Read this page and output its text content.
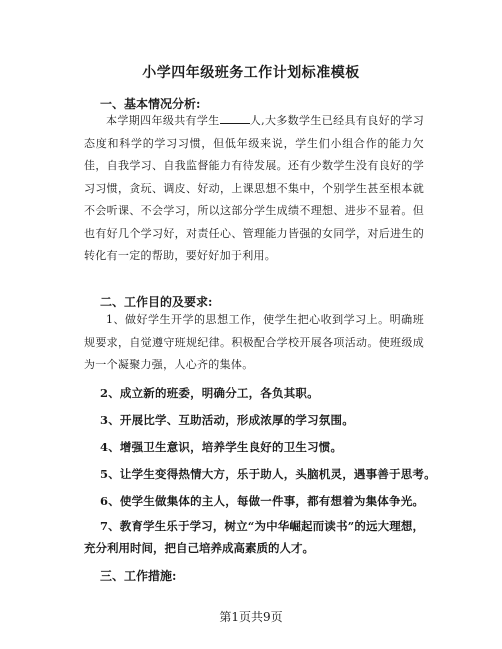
小学四年级班务工作计划标准模板
一、基本情况分析:
本学期四年级共有学生	人,大多数学生已经具有良好的学习态度和科学的学习习惯，但低年级来说，学生们小组合作的能力欠佳，自我学习、自我监督能力有待发展。还有少数学生没有良好的学习习惯，贪玩、调皮、好动，上课思想不集中，个别学生甚至根本就不会听课、不会学习，所以这部分学生成绩不理想、进步不显着。但也有好几个学习好，对责任心、管理能力皆强的女同学，对后进生的转化有一定的帮助，要好好加于利用。
二、工作目的及要求:
1、做好学生开学的思想工作，使学生把心收到学习上。明确班规要求，自觉遵守班规纪律。积极配合学校开展各项活动。使班级成为一个凝聚力强，人心齐的集体。
2、成立新的班委，明确分工，各负其职。
3、开展比学、互助活动，形成浓厚的学习氛围。
4、增强卫生意识，培养学生良好的卫生习惯。
5、让学生变得热情大方，乐于助人，头脑机灵，遇事善于思考。
6、使学生做集体的主人，每做一件事，都有想着为集体争光。
7、教育学生乐于学习，树立“为中华崛起而读书”的远大理想，充分利用时间，把自己培养成高素质的人才。
三、工作措施:
第1页共9页
